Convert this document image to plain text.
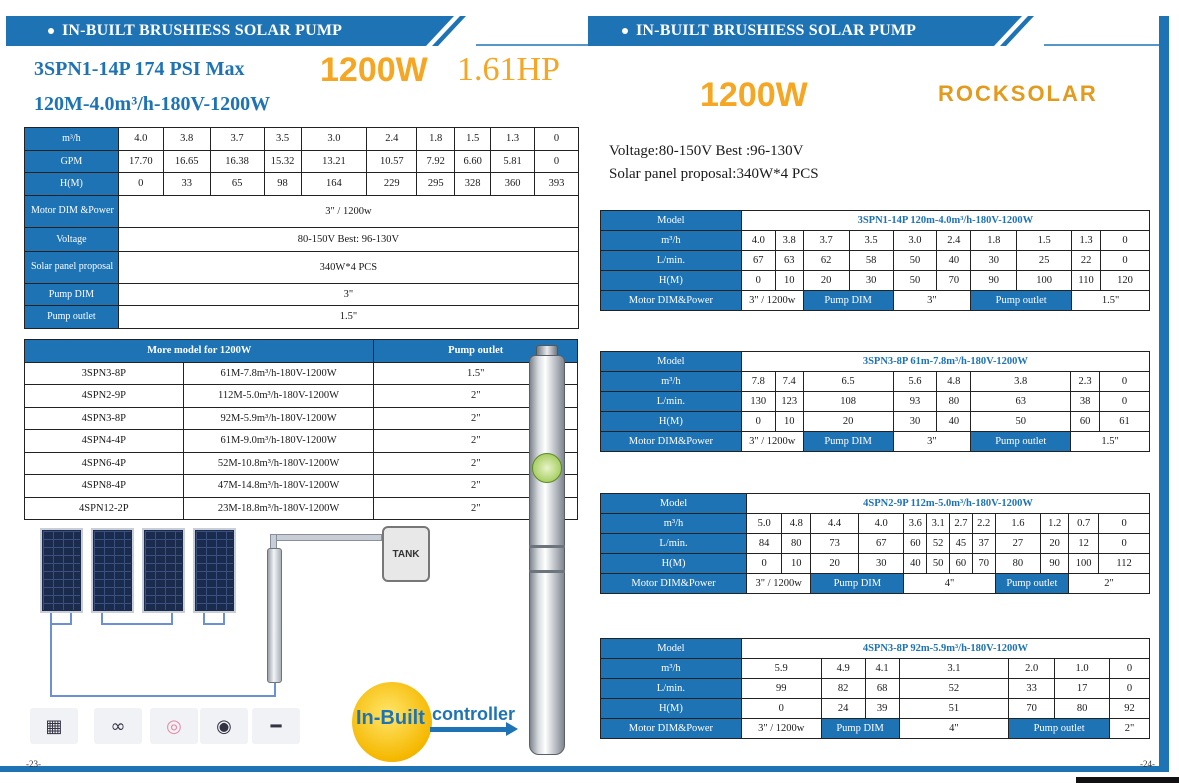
IN-BUILT BRUSHIESS SOLAR PUMP
3SPN1-14P 174 PSI Max 1200W 1.61HP
120M-4.0m³/h-180V-1200W
m³/h	4.0	3.8	3.7	3.5	3.0	2.4	1.8	1.5	1.3	0
GPM	17.70	16.65	16.38	15.32	13.21	10.57	7.92	6.60	5.81	0
H(M)	0	33	65	98	164	229	295	328	360	393
Motor DIM &Power	3" / 1200w									
Voltage	80-150V Best: 96-130V									
Solar panel proposal	340W*4 PCS									
Pump DIM	3"									
Pump outlet	1.5"									
More model for 1200W		Pump outlet
3SPN3-8P	61M-7.8m³/h-180V-1200W	1.5"
4SPN2-9P	112M-5.0m³/h-180V-1200W	2"
4SPN3-8P	92M-5.9m³/h-180V-1200W	2"
4SPN4-4P	61M-9.0m³/h-180V-1200W	2"
4SPN6-4P	52M-10.8m³/h-180V-1200W	2"
4SPN8-4P	47M-14.8m³/h-180V-1200W	2"
4SPN12-2P	23M-18.8m³/h-180V-1200W	2"
TANK
▦	∞	◎	◉	━	In-Built controller
-23-
IN-BUILT BRUSHIESS SOLAR PUMP
1200W	ROCKSOLAR
Voltage:80-150V Best :96-130V
Solar panel proposal:340W*4 PCS
Model	3SPN1-14P 120m-4.0m³/h-180V-1200W									
m³/h	4.0	3.8	3.7	3.5	3.0	2.4	1.8	1.5	1.3	0
L/min.	67	63	62	58	50	40	30	25	22	0
H(M)	0	10	20	30	50	70	90	100	110	120
Motor DIM&Power	3" / 1200w		Pump DIM		3"		Pump outlet		1.5"	
Model	3SPN3-8P 61m-7.8m³/h-180V-1200W							
m³/h	7.8	7.4	6.5	5.6	4.8	3.8	2.3	0
L/min.	130	123	108	93	80	63	38	0
H(M)	0	10	20	30	40	50	60	61
Motor DIM&Power	3" / 1200w		Pump DIM	3"		Pump outlet	1.5"	
Model	4SPN2-9P 112m-5.0m³/h-180V-1200W											
m³/h	5.0	4.8	4.4	4.0	3.6	3.1	2.7	2.2	1.6	1.2	0.7	0
L/min.	84	80	73	67	60	52	45	37	27	20	12	0
H(M)	0	10	20	30	40	50	60	70	80	90	100	112
Motor DIM&Power	3" / 1200w		Pump DIM		4"				Pump outlet		2"	
Model	4SPN3-8P 92m-5.9m³/h-180V-1200W						
m³/h	5.9	4.9	4.1	3.1	2.0	1.0	0
L/min.	99	82	68	52	33	17	0
H(M)	0	24	39	51	70	80	92
Motor DIM&Power	3" / 1200w	Pump DIM		4"	Pump outlet		2"
-24-
